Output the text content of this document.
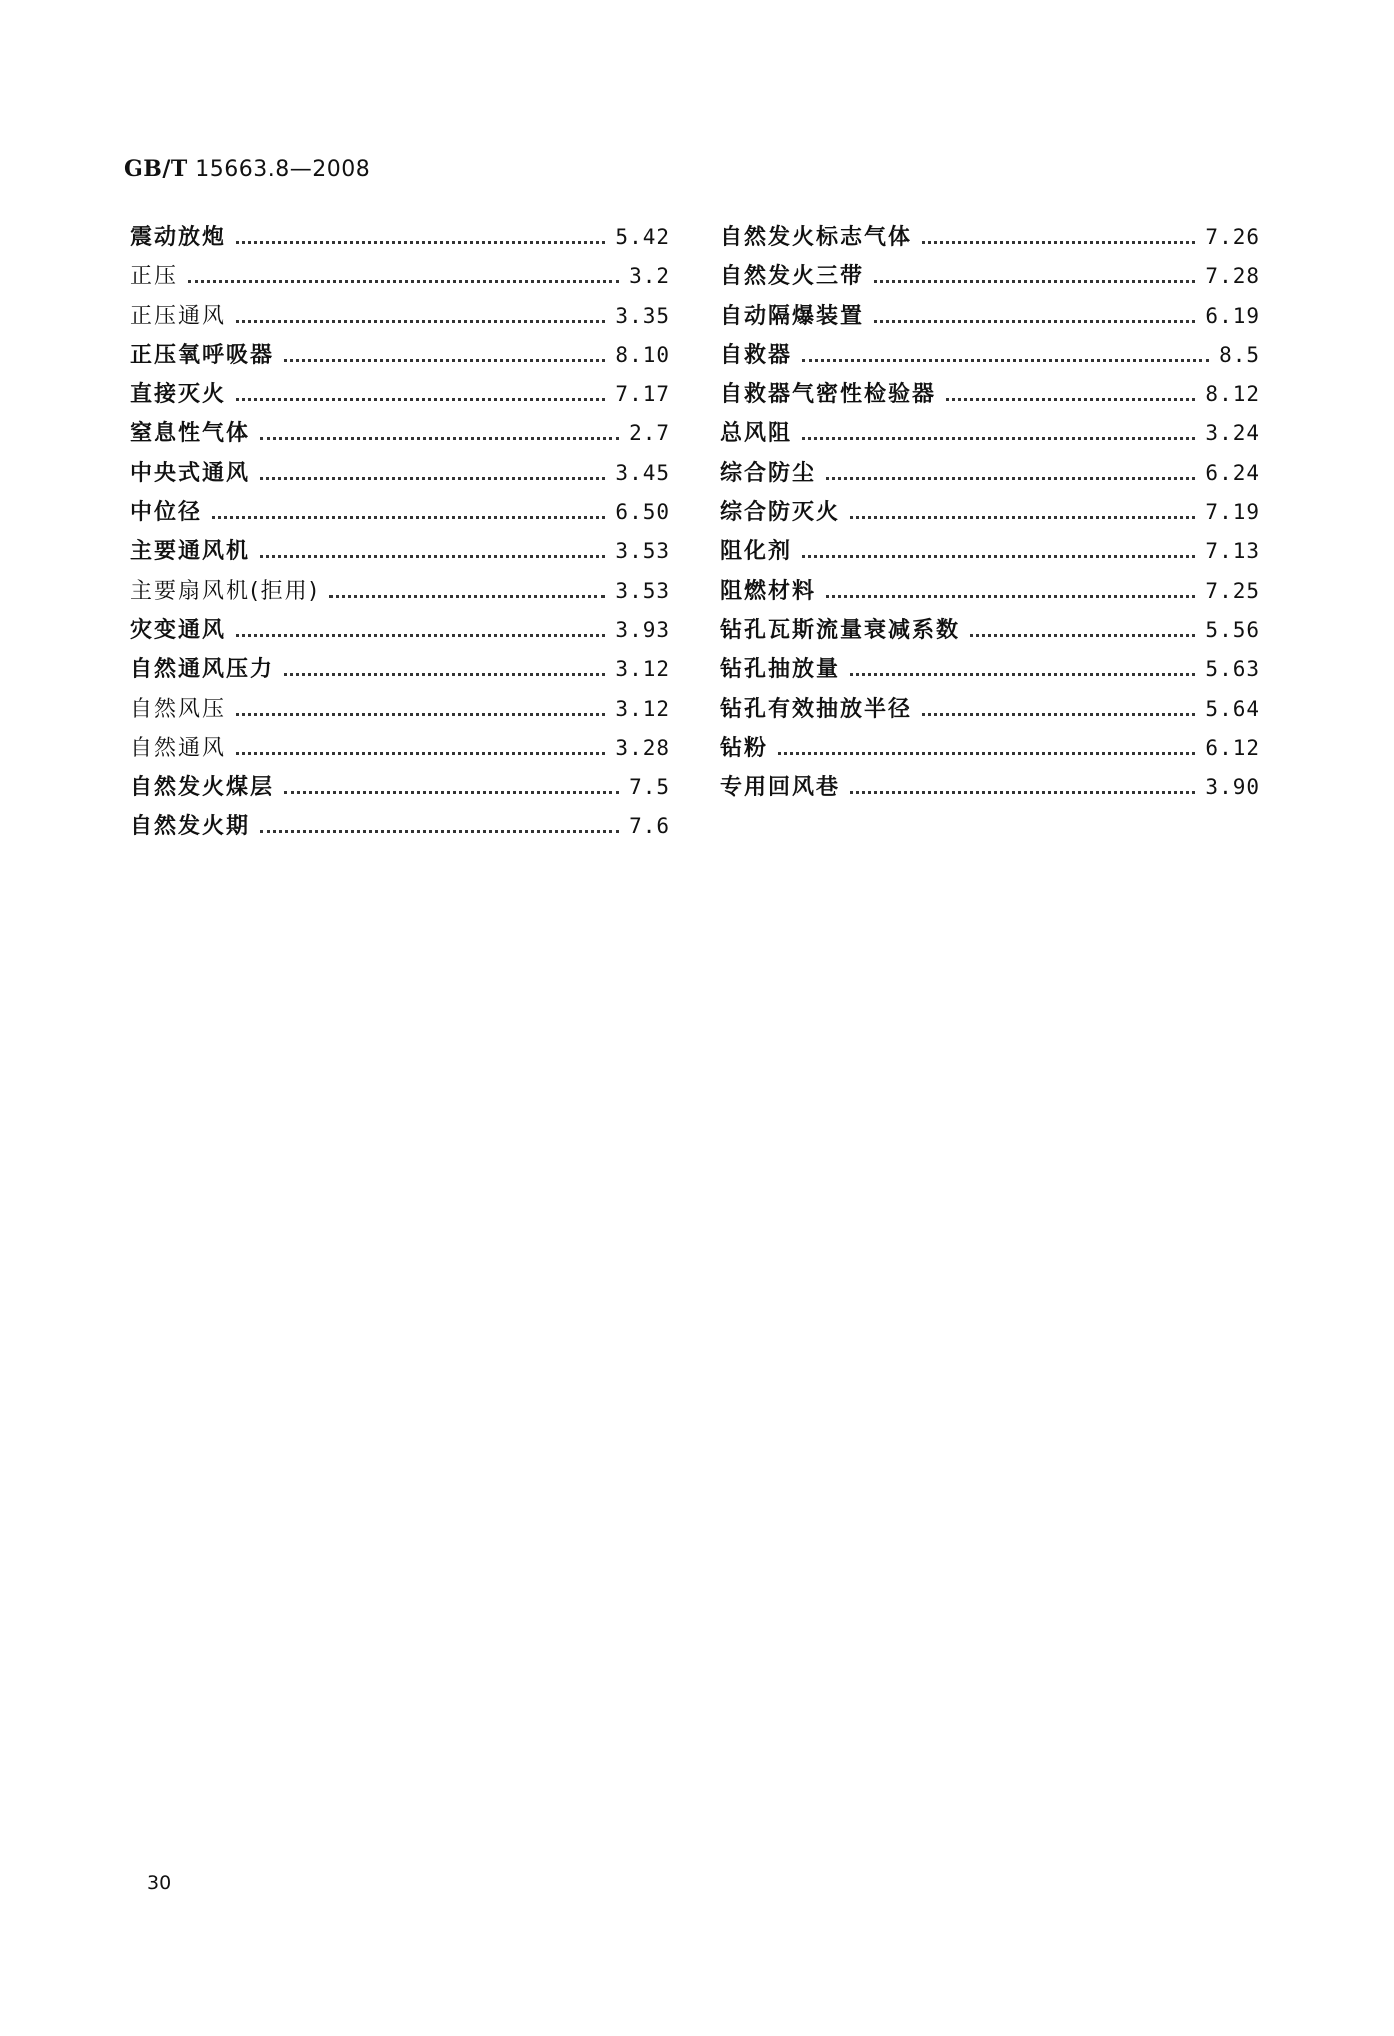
GB/T 15663.8—2008
震动放炮	5.42
正压	3.2
正压通风	3.35
正压氧呼吸器	8.10
直接灭火	7.17
窒息性气体	2.7
中央式通风	3.45
中位径	6.50
主要通风机	3.53
主要扇风机(拒用)	3.53
灾变通风	3.93
自然通风压力	3.12
自然风压	3.12
自然通风	3.28
自然发火煤层	7.5
自然发火期	7.6
自然发火标志气体	7.26
自然发火三带	7.28
自动隔爆装置	6.19
自救器	8.5
自救器气密性检验器	8.12
总风阻	3.24
综合防尘	6.24
综合防灭火	7.19
阻化剂	7.13
阻燃材料	7.25
钻孔瓦斯流量衰减系数	5.56
钻孔抽放量	5.63
钻孔有效抽放半径	5.64
钻粉	6.12
专用回风巷	3.90
30
